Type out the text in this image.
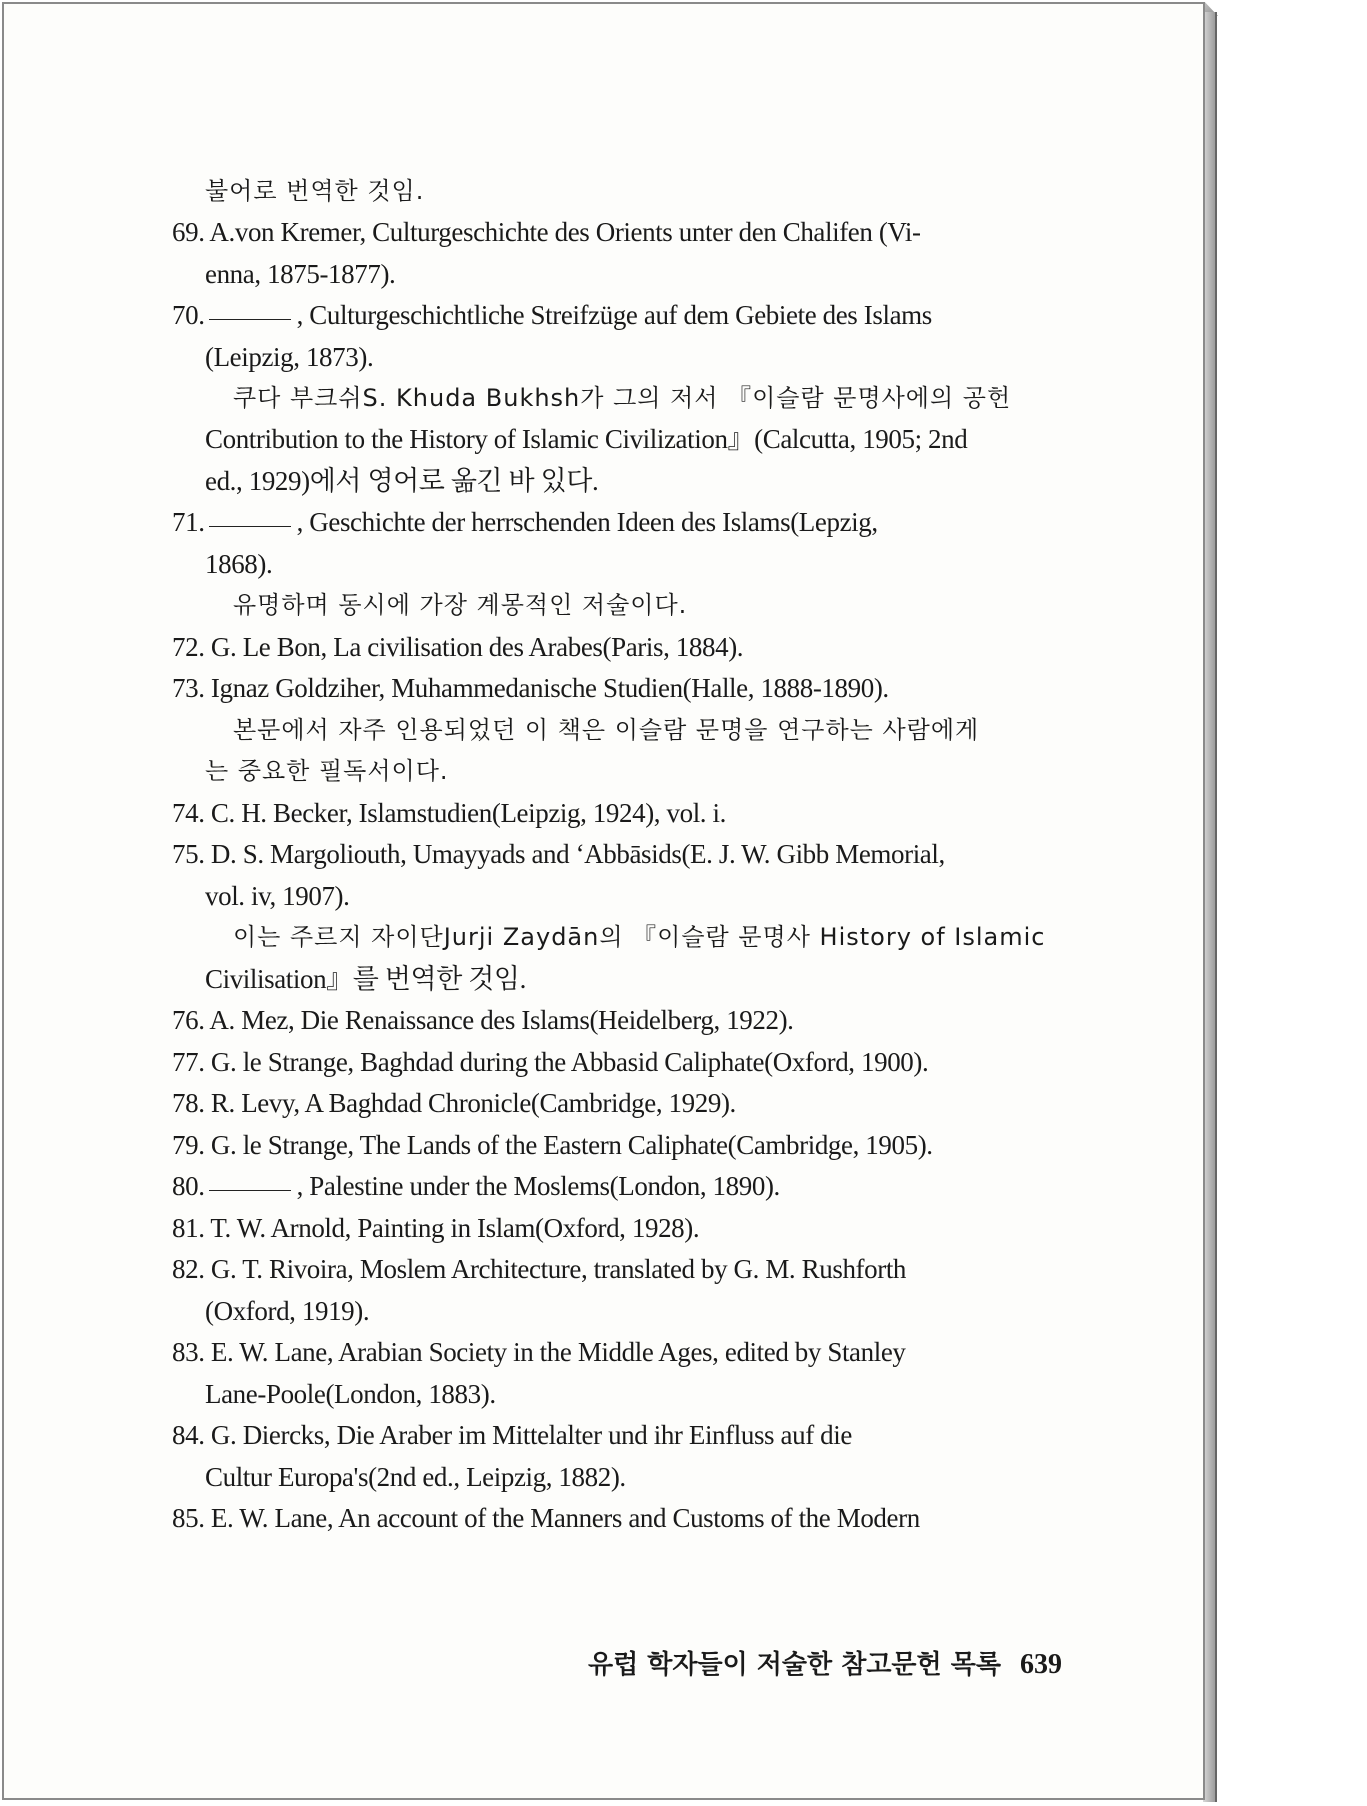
불어로 번역한 것임.
69. A.von Kremer, Culturgeschichte des Orients unter den Chalifen (Vi-
enna, 1875-1877).
70.	, Culturgeschichtliche Streifzüge auf dem Gebiete des Islams
(Leipzig, 1873).
쿠다 부크쉬S. Khuda Bukhsh가 그의 저서 『이슬람 문명사에의 공헌
Contribution to the History of Islamic Civilization』(Calcutta, 1905; 2nd
ed., 1929)에서 영어로 옮긴 바 있다.
71.	, Geschichte der herrschenden Ideen des Islams(Lepzig,
1868).
유명하며 동시에 가장 계몽적인 저술이다.
72. G. Le Bon, La civilisation des Arabes(Paris, 1884).
73. Ignaz Goldziher, Muhammedanische Studien(Halle, 1888-1890).
본문에서 자주 인용되었던 이 책은 이슬람 문명을 연구하는 사람에게
는 중요한 필독서이다.
74. C. H. Becker, Islamstudien(Leipzig, 1924), vol. i.
75. D. S. Margoliouth, Umayyads and ‘Abbāsids(E. J. W. Gibb Memorial,
vol. iv, 1907).
이는 주르지 자이단Jurji Zaydān의 『이슬람 문명사 History of Islamic
Civilisation』를 번역한 것임.
76. A. Mez, Die Renaissance des Islams(Heidelberg, 1922).
77. G. le Strange, Baghdad during the Abbasid Caliphate(Oxford, 1900).
78. R. Levy, A Baghdad Chronicle(Cambridge, 1929).
79. G. le Strange, The Lands of the Eastern Caliphate(Cambridge, 1905).
80.	, Palestine under the Moslems(London, 1890).
81. T. W. Arnold, Painting in Islam(Oxford, 1928).
82. G. T. Rivoira, Moslem Architecture, translated by G. M. Rushforth
(Oxford, 1919).
83. E. W. Lane, Arabian Society in the Middle Ages, edited by Stanley
Lane-Poole(London, 1883).
84. G. Diercks, Die Araber im Mittelalter und ihr Einfluss auf die
Cultur Europa's(2nd ed., Leipzig, 1882).
85. E. W. Lane, An account of the Manners and Customs of the Modern
유럽 학자들이 저술한 참고문헌 목록 639
